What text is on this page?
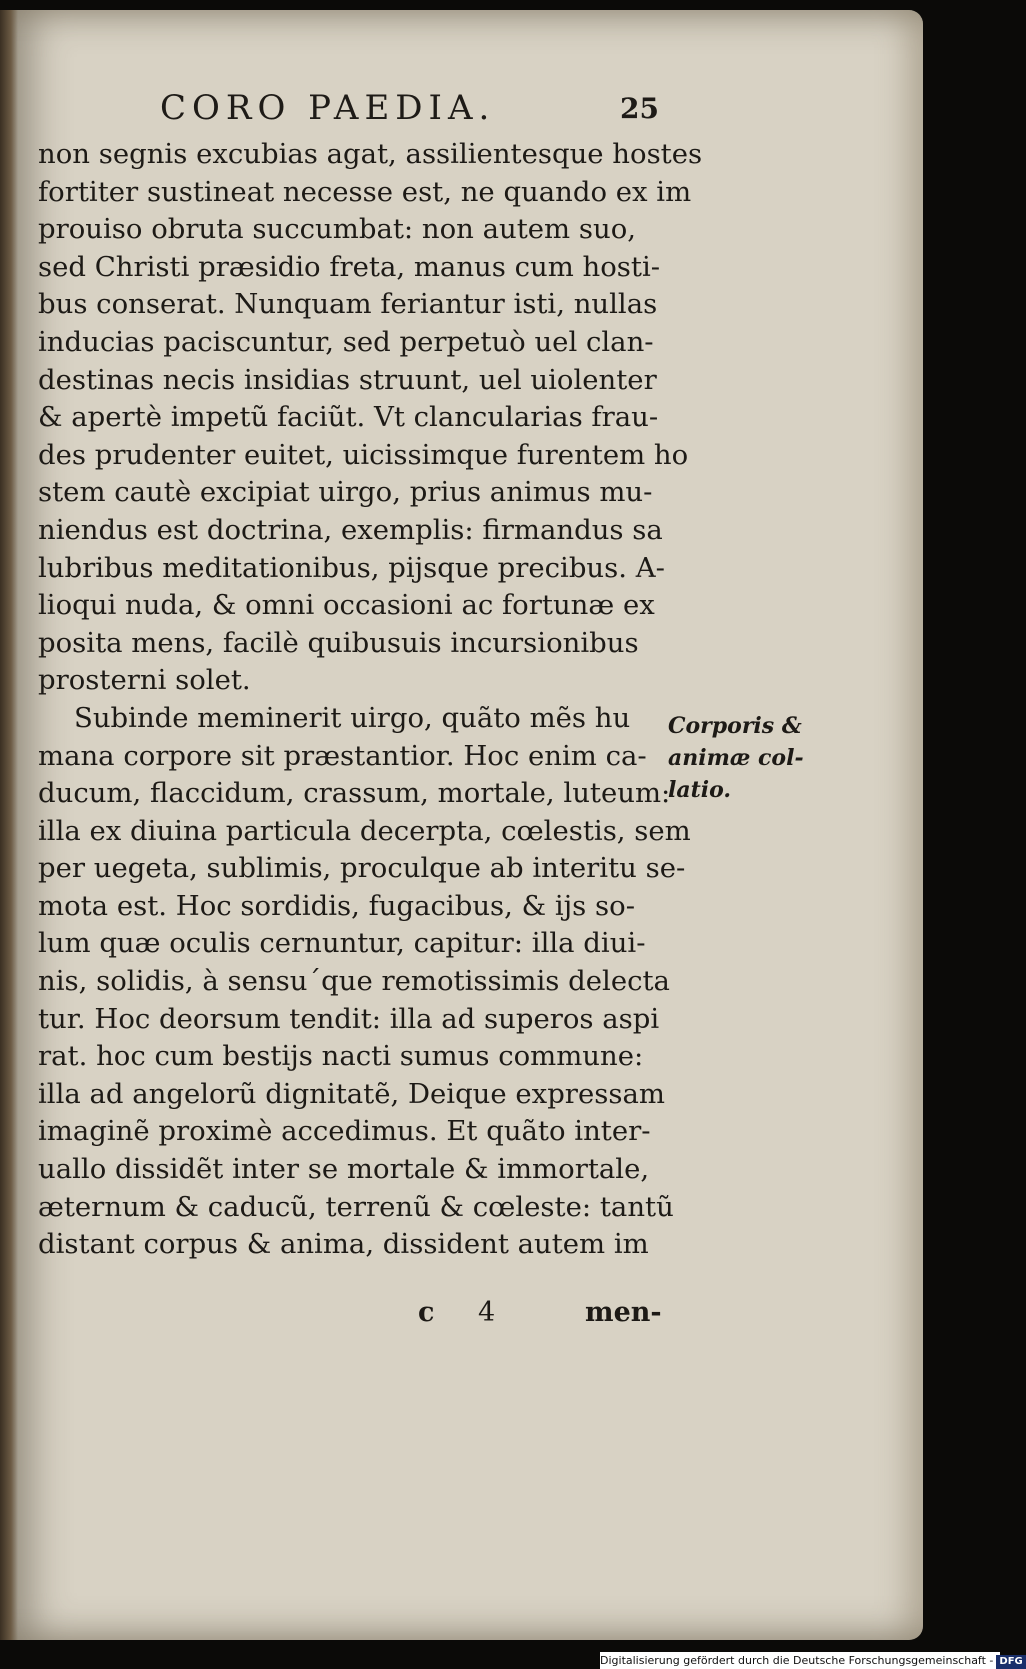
CORO PAEDIA.	25
non segnis excubias agat, assilientesque hostes
fortiter sustineat necesse est, ne quando ex im
prouiso obruta succumbat: non autem suo,
sed Christi præsidio freta, manus cum hosti-
bus conserat. Nunquam feriantur isti, nullas
inducias paciscuntur, sed perpetuò uel clan-
destinas necis insidias struunt, uel uiolenter
& apertè impetũ faciũt. Vt clancularias frau-
des prudenter euitet, uicissimque furentem ho
stem cautè excipiat uirgo, prius animus mu-
niendus est doctrina, exemplis: firmandus sa
lubribus meditationibus, pijsque precibus. A-
lioqui nuda, & omni occasioni ac fortunæ ex
posita mens, facilè quibusuis incursionibus
prosterni solet.
Subinde meminerit uirgo, quãto mẽs hu
mana corpore sit præstantior. Hoc enim ca-
ducum, flaccidum, crassum, mortale, luteum:
illa ex diuina particula decerpta, cœlestis, sem
per uegeta, sublimis, proculque ab interitu se-
mota est. Hoc sordidis, fugacibus, & ijs so-
lum quæ oculis cernuntur, capitur: illa diui-
nis, solidis, à sensu´que remotissimis delecta
tur. Hoc deorsum tendit: illa ad superos aspi
rat. hoc cum bestijs nacti sumus commune:
illa ad angelorũ dignitatẽ, Deique expressam
imaginẽ proximè accedimus. Et quãto inter-
uallo dissidẽt inter se mortale & immortale,
æternum & caducũ, terrenũ & cœleste: tantũ
distant corpus & anima, dissident autem im
Corporis &
animæ col-
latio.
c 4	men-
Digitalisierung gefördert durch die Deutsche Forschungsgemeinschaft - DFG
